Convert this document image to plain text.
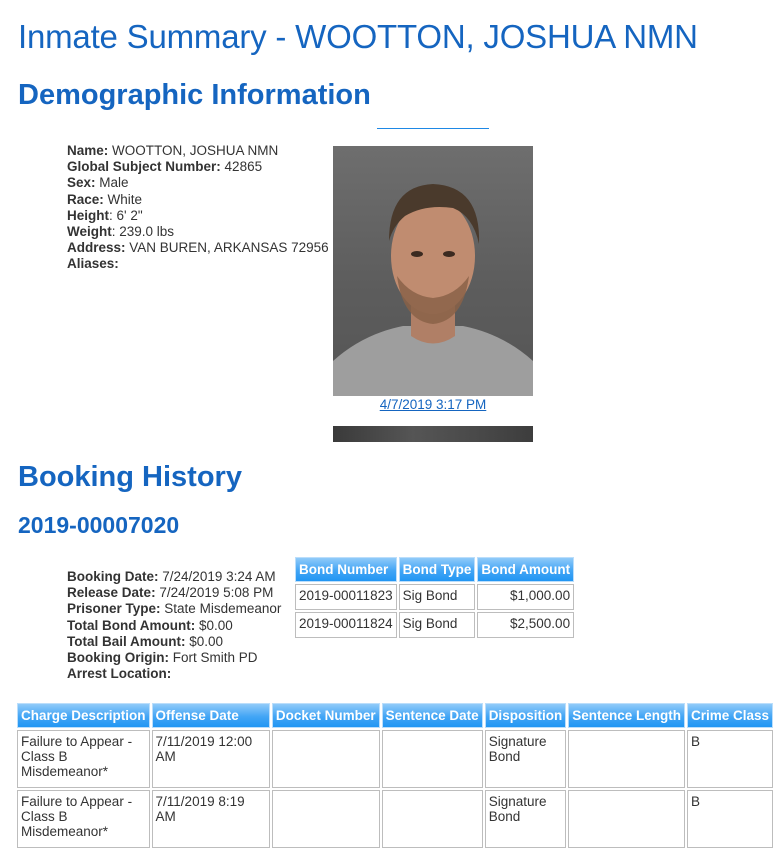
Inmate Summary - WOOTTON, JOSHUA NMN
Demographic Information
Name: WOOTTON, JOSHUA NMN
Global Subject Number: 42865
Sex: Male
Race: White
Height: 6' 2"
Weight: 239.0 lbs
Address: VAN BUREN, ARKANSAS 72956
Aliases:
4/7/2019 3:17 PM
Booking History
2019-00007020
Booking Date: 7/24/2019 3:24 AM
Release Date: 7/24/2019 5:08 PM
Prisoner Type: State Misdemeanor
Total Bond Amount: $0.00
Total Bail Amount: $0.00
Booking Origin: Fort Smith PD
Arrest Location:
Bond Number	Bond Type	Bond Amount
2019-00011823	Sig Bond	$1,000.00
2019-00011824	Sig Bond	$2,500.00
Charge Description	Offense Date	Docket Number	Sentence Date	Disposition	Sentence Length	Crime Class
Failure to Appear - Class B Misdemeanor*	7/11/2019 12:00 AM			Signature Bond		B
Failure to Appear - Class B Misdemeanor*	7/11/2019 8:19 AM			Signature Bond		B
